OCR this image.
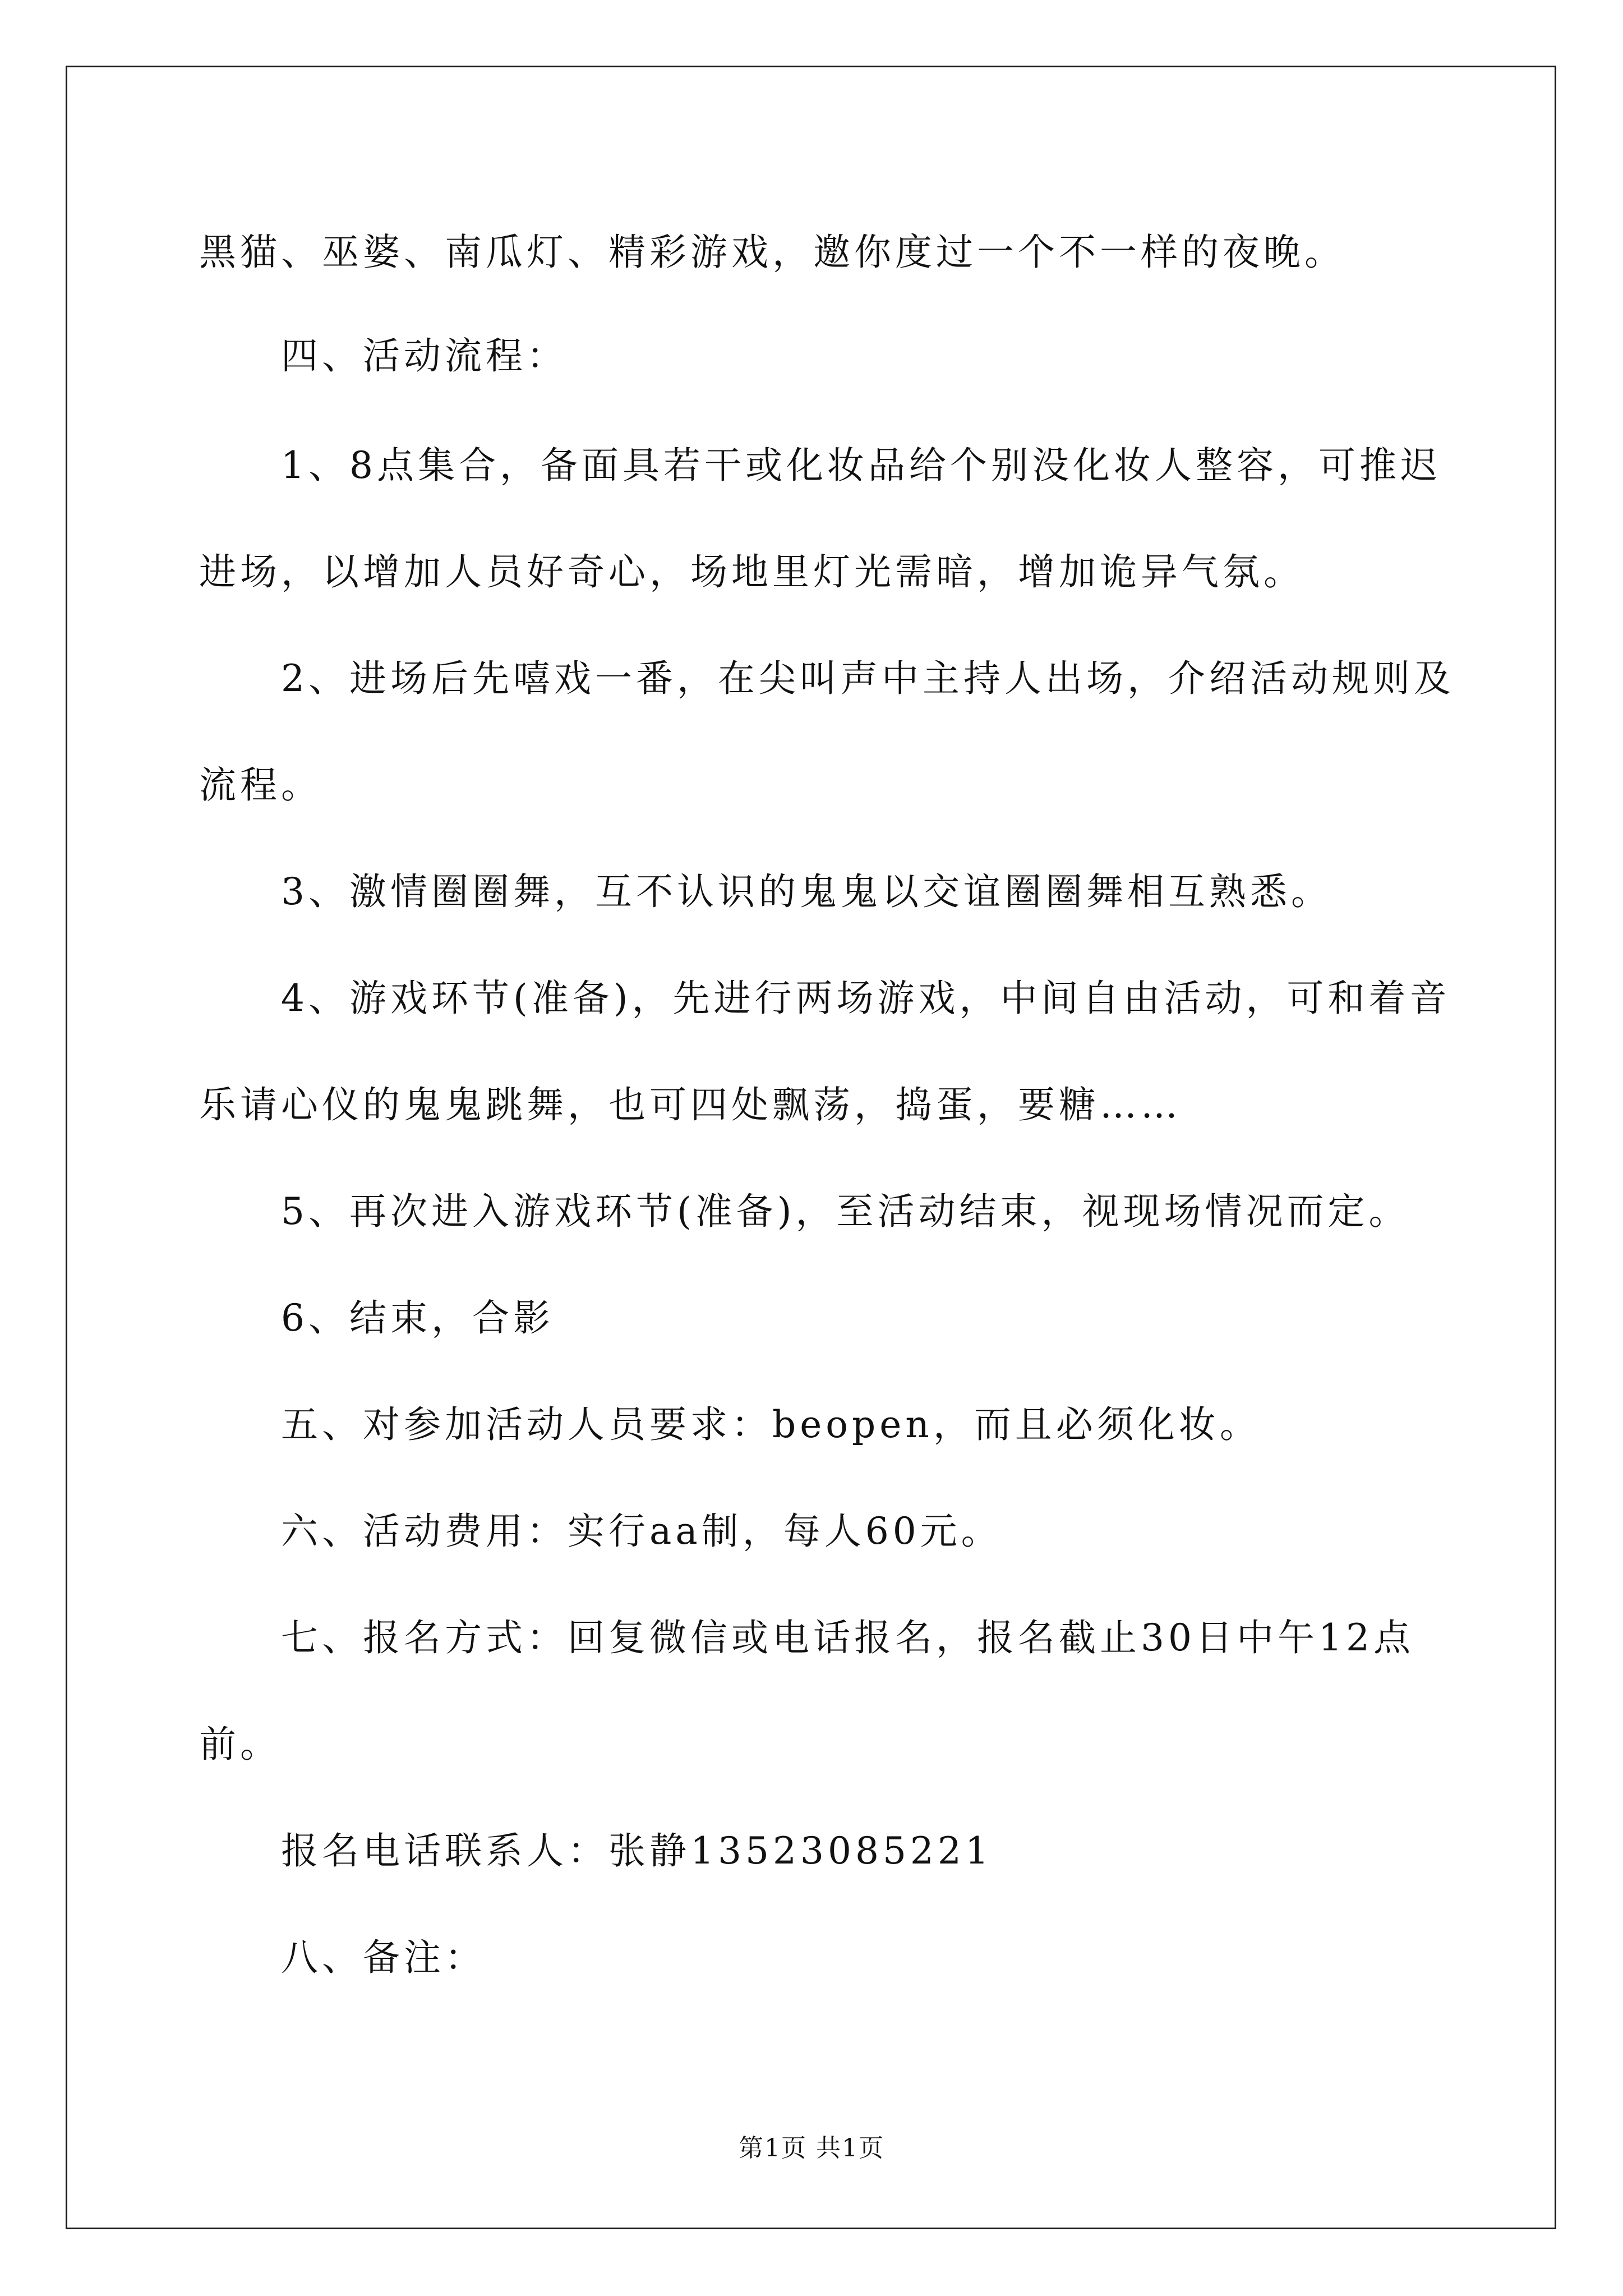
黑猫、巫婆、南瓜灯、精彩游戏，邀你度过一个不一样的夜晚。
四、活动流程：
1、8点集合，备面具若干或化妆品给个别没化妆人整容，可推迟
进场，以增加人员好奇心，场地里灯光需暗，增加诡异气氛。
2、进场后先嘻戏一番，在尖叫声中主持人出场，介绍活动规则及
流程。
3、激情圈圈舞，互不认识的鬼鬼以交谊圈圈舞相互熟悉。
4、游戏环节(准备)，先进行两场游戏，中间自由活动，可和着音
乐请心仪的鬼鬼跳舞，也可四处飘荡，捣蛋，要糖……
5、再次进入游戏环节(准备)，至活动结束，视现场情况而定。
6、结束，合影
五、对参加活动人员要求：beopen，而且必须化妆。
六、活动费用：实行aa制，每人60元。
七、报名方式：回复微信或电话报名，报名截止30日中午12点
前。
报名电话联系人：张静13523085221
八、备注：
第1页 共1页
